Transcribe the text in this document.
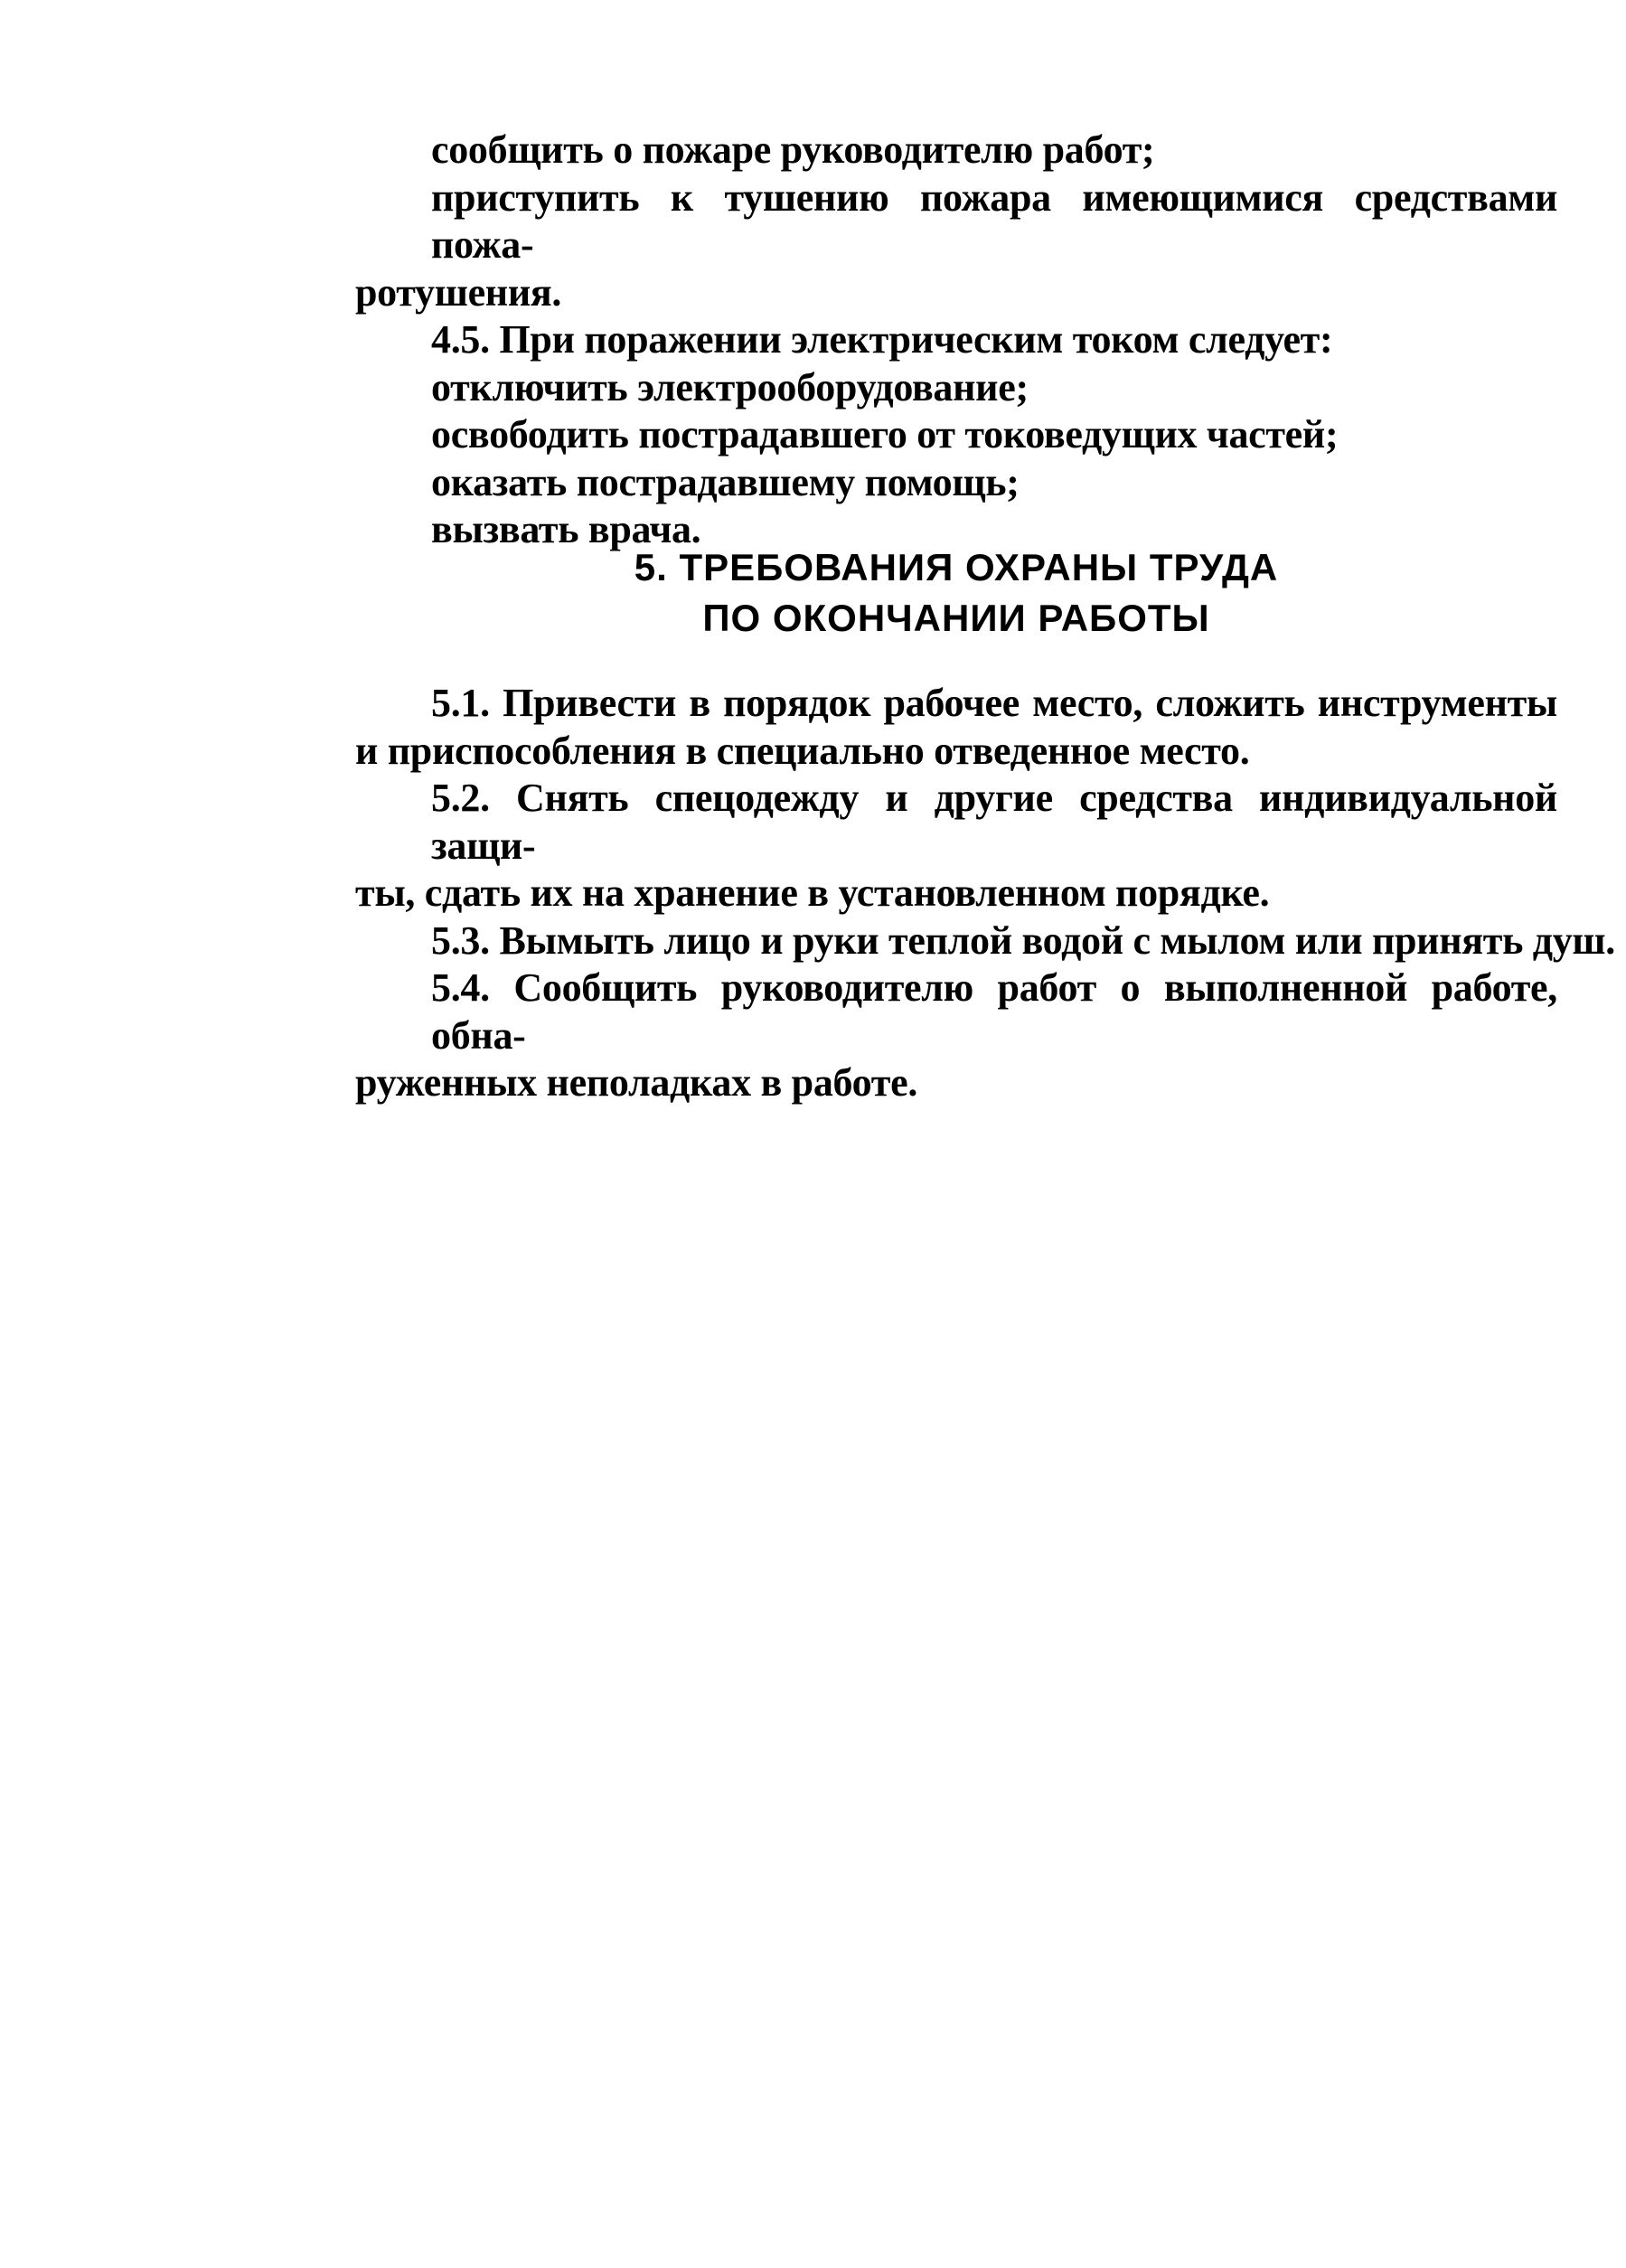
сообщить о пожаре руководителю работ;
приступить к тушению пожара имеющимися средствами пожа-
ротушения.
4.5. При поражении электрическим током следует:
отключить электрооборудование;
освободить пострадавшего от токоведущих частей;
оказать пострадавшему помощь;
вызвать врача.
5. ТРЕБОВАНИЯ ОХРАНЫ ТРУДА
ПО ОКОНЧАНИИ РАБОТЫ
5.1. Привести в порядок рабочее место, сложить инструменты
и приспособления в специально отведенное место.
5.2. Снять спецодежду и другие средства индивидуальной защи-
ты, сдать их на хранение в установленном порядке.
5.3. Вымыть лицо и руки теплой водой с мылом или принять душ.
5.4. Сообщить руководителю работ о выполненной работе, обна-
руженных неполадках в работе.
